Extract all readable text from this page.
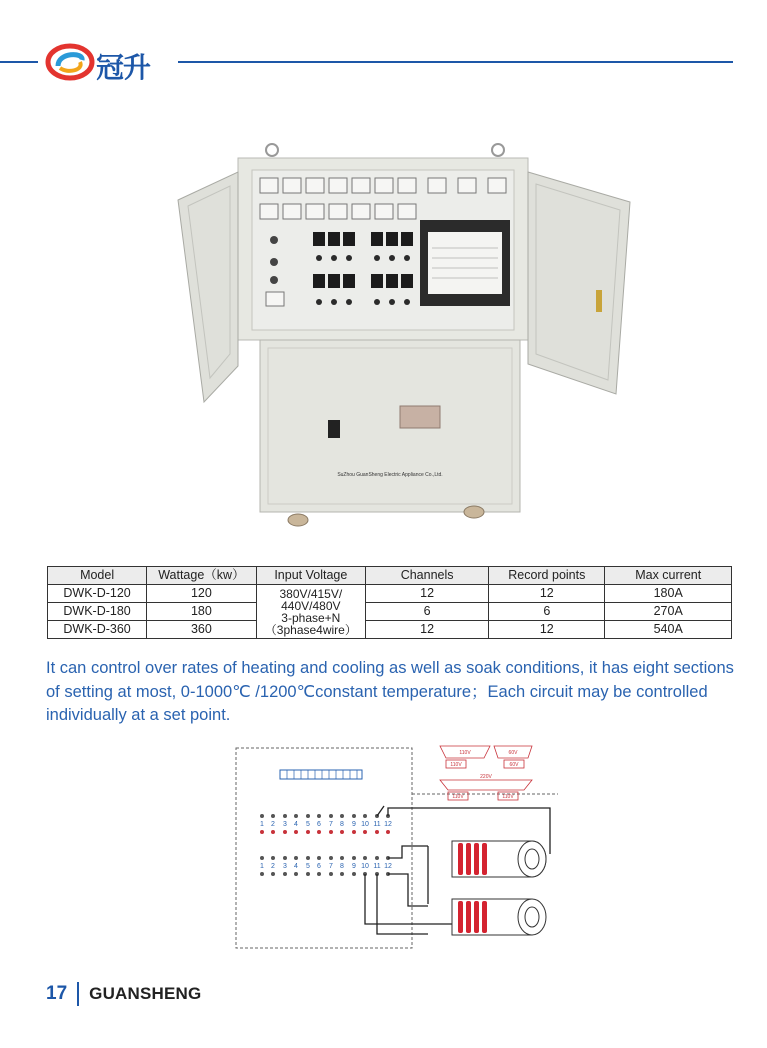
冠升
SuZhou GuanSheng Electric Appliance Co.,Ltd.
Model	Wattage（kw）	Input Voltage	Channels	Record points	Max current
DWK-D-120	120	380V/415V/
440V/480V
3-phase+N
（3phase4wire）	12	12	180A
DWK-D-180	180		6	6	270A
DWK-D-360	360		12	12	540A
It can control over rates of heating and cooling as well as soak conditions, it has eight sections of setting at most, 0-1000℃ /1200℃constant temperature；Each circuit may be controlled individually at a set point.
1 2 3 4 5 6 7 8 9 10 11 12
1 2 3 4 5 6 7 8 9 10 11 12
110V	60V
110V	60V
220V
110V	110V
17 GUANSHENG
